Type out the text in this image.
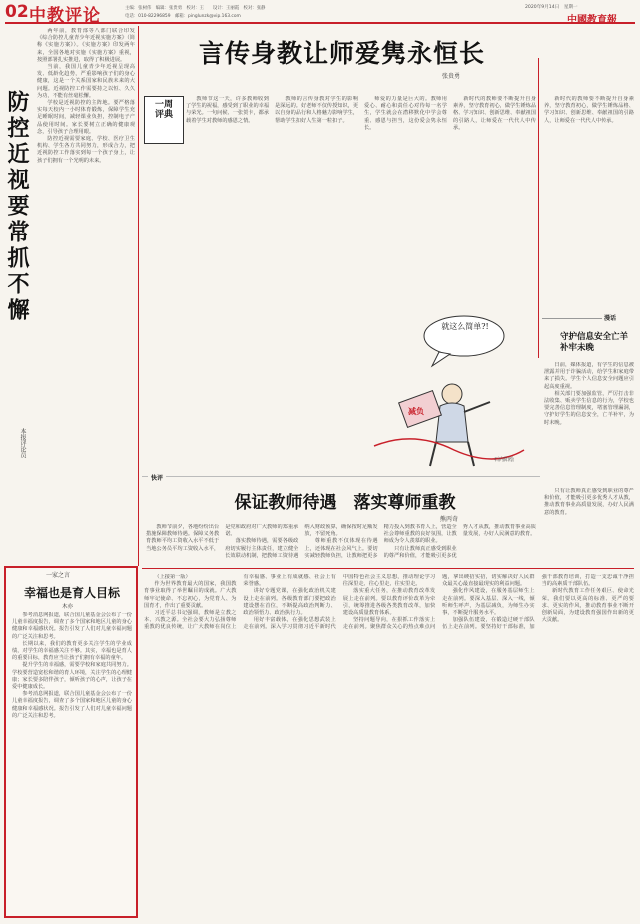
02 中教评论	主编：张树伟　编辑：张贵勇　校对：王　　设计：王丽霞　校对：张静
电话：010-82296859　邮箱：pinglunzk@vip.163.com
2020年9月14日　星期一
中國教育報
防控近视要常抓不懈
本报评论员

两年前，教育部等八部门联合印发《综合防控儿童青少年近视实施方案》（简称《实施方案》）。《实施方案》印发两年来，全国各地对实施《实施方案》重视，按照部署扎实推进，取得了积极进展。

当前，我国儿童青少年近视呈现高发、低龄化趋势，严重影响孩子们的身心健康，这是一个关系国家和民族未来的大问题。近视防控工作需要持之以恒、久久为功，不能有丝毫松懈。

学校是近视防控的主阵地。要严格落实每天校内一小时体育锻炼，保障学生充足睡眠时间，减轻课业负担，控制电子产品使用时间。家长要树立正确的健康观念，引导孩子合理用眼。

防控近视需要家庭、学校、医疗卫生机构、学生各方共同努力，形成合力，把近视防控工作落实到每一个孩子身上，让孩子们拥有一个光明的未来。

言传身教让师爱隽永恒长
张贵勇
一周评典

教师节这一天，许多教师收到了学生的祝福，感受到了职业的幸福与荣光。一句问候、一张贺卡，都承载着学生对教师的感恩之情。

教师的言传身教对学生的影响是深远的。好老师不仅传授知识，更以自身的品行和人格魅力影响学生，帮助学生扣好人生第一粒扣子。

师爱的力量是巨大的。教师用爱心、耐心和责任心对待每一名学生，学生就会在潜移默化中学会尊重、感恩与担当，这份爱会隽永恒长。

新时代的教师要不断提升自身素养，坚守教育初心，做学生锤炼品格、学习知识、创新思维、奉献祖国的引路人，让师爱在一代代人中传承。

新时代的教师要不断提升自身素养，坚守教育初心，做学生锤炼品格、学习知识、创新思维、奉献祖国的引路人，让师爱在一代代人中传承。

漫话
守护信息安全亡羊补牢未晚

日前，媒体报道，有学生的信息被泄露并用于诈骗活动，给学生和家庭带来了损失。学生个人信息安全问题应引起高度重视。

相关部门要加强监管，严厉打击非法收集、贩卖学生信息的行为，学校也要完善信息管理制度，堵塞管理漏洞，守护好学生的信息安全，亡羊补牢，为时未晚。

只有让教师真正感受到职业的尊严和价值，才能吸引更多优秀人才从教，推动教育事业高质量发展，办好人民满意的教育。

就这么简单?!
减负
石向阳绘
快评
保证教师待遇　落实尊师重教
熊丙奇

教师节前夕，各地纷纷出台措施保障教师待遇。保障义务教育教师平均工资收入水平不低于当地公务员平均工资收入水平，是党和政府对广大教师的郑重承诺。

落实教师待遇，需要各级政府切实履行主体责任，建立健全长效联动机制，把教师工资待遇纳入财政预算，确保按时足额发放，不留死角。

尊师重教不仅体现在待遇上，还体现在社会风气上。要切实减轻教师负担，让教师把更多精力投入到教书育人上，营造全社会尊师重教的良好氛围，让教师成为令人羡慕的职业。

只有让教师真正感受到职业的尊严和价值，才能吸引更多优秀人才从教，推动教育事业高质量发展，办好人民满意的教育。

一家之言
幸福也是育人目标
木亦

参考消息网报道，联合国儿童基金会公布了一份儿童幸福度报告，调查了多个国家和地区儿童的身心健康和幸福感状况。报告引发了人们对儿童幸福问题的广泛关注和思考。

长期以来，我们的教育更多关注学生的学业成绩，对学生的幸福感关注不够。其实，幸福也是育人的重要目标，教育应当让孩子们拥有幸福的童年。

提升学生的幸福感，需要学校和家庭共同努力。学校要营造宽松和谐的育人环境，关注学生的心理健康；家长要多陪伴孩子，倾听孩子的心声，让孩子在爱中健康成长。

参考消息网报道，联合国儿童基金会公布了一份儿童幸福度报告，调查了多个国家和地区儿童的身心健康和幸福感状况。报告引发了人们对儿童幸福问题的广泛关注和思考。

（上接第一版）

作为世界教育最大的国家，我国教育事业取得了举世瞩目的成就。广大教师牢记使命、不忘初心，为党育人、为国育才，作出了重要贡献。

习近平总书记强调，教师是立教之本、兴教之源。全社会要大力弘扬尊师重教的优良传统，让广大教师在岗位上有幸福感、事业上有成就感、社会上有荣誉感。

讲好专题党课，在强化政治机关建设上走在前列。各级教育部门要把政治建设摆在首位，不断提高政治判断力、政治领悟力、政治执行力。

用好丰富载体，在强化思想武装上走在前列。深入学习贯彻习近平新时代中国特色社会主义思想，推动理论学习往深里走、往心里走、往实里走。

落实重大任务，在推动教育改革发展上走在前列。要以教育评价改革为牵引，统筹推进各级各类教育改革，加快建设高质量教育体系。

坚持问题导向，在狠抓工作落实上走在前列。聚焦群众关心的热点难点问题，拿出硬招实招，切实解决好人民群众最关心最直接最现实的利益问题。

强化作风建设，在服务基层师生上走在前列。要深入基层、深入一线，倾听师生呼声，为基层减负，为师生办实事，不断提升服务水平。

加强队伍建设，在锻造过硬干部队伍上走在前列。要坚持好干部标准，加强干部教育培训，打造一支忠诚干净担当的高素质干部队伍。

新时代教育工作任务艰巨、使命光荣。我们要以更高的标准、更严的要求、更实的作风，推动教育事业不断开创新局面，为建设教育强国作出新的更大贡献。
